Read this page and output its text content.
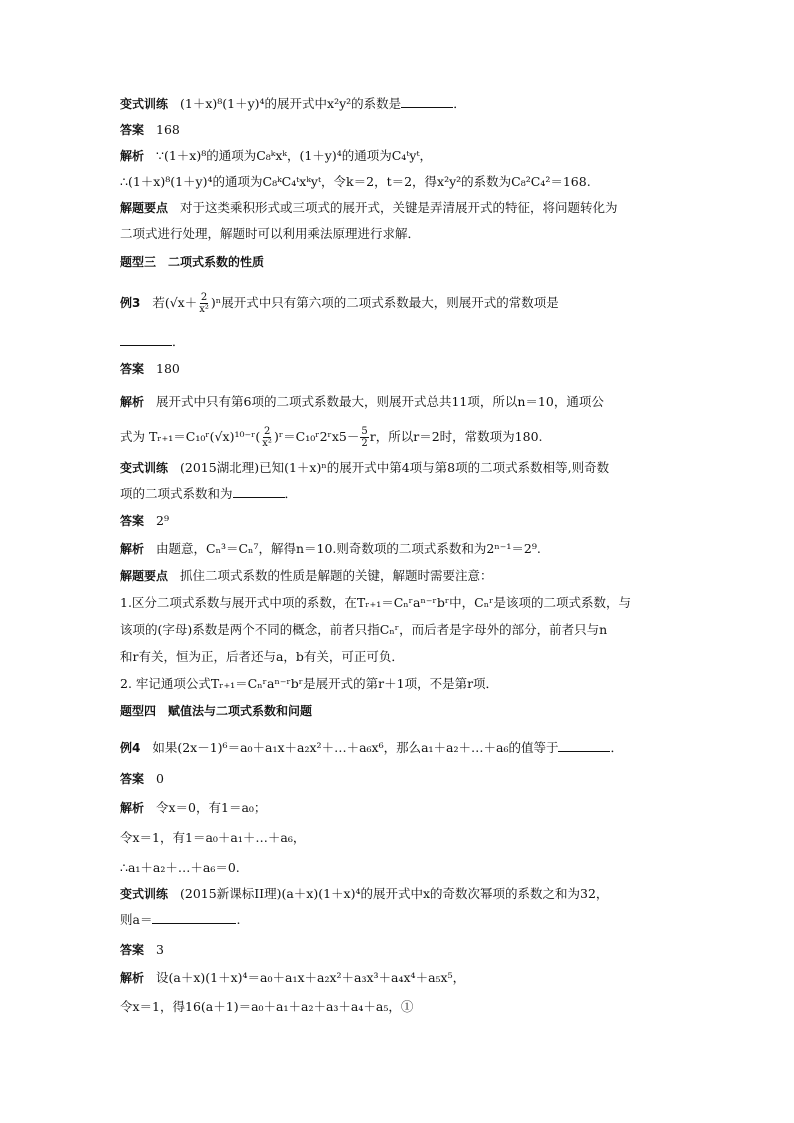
变式训练 (1＋x)⁸(1＋y)⁴的展开式中x²y²的系数是	．
答案 168
解析 ∵(1＋x)⁸的通项为C₈ᵏxᵏ，(1＋y)⁴的通项为C₄ᵗyᵗ，
∴(1＋x)⁸(1＋y)⁴的通项为C₈ᵏC₄ᵗxᵏyᵗ，令k＝2，t＝2，得x²y²的系数为C₈²C₄²＝168.
解题要点 对于这类乘积形式或三项式的展开式，关键是弄清展开式的特征，将问题转化为
二项式进行处理，解题时可以利用乘法原理进行求解．
题型三　二项式系数的性质
例3 若$(√x+ \frac{2}{\text{x²}} )^n$展开式中只有第六项的二项式系数最大，则展开式的常数项是
．
答案 180
解析 展开式中只有第6项的二项式系数最大，则展开式总共11项，所以n＝10，通项公
式为 Tᵣ₊₁＝C₁₀ʳ(√x)¹⁰⁻ʳ( $\frac{2}{\text{x²}}$ )ʳ＝C₁₀ʳ2ʳx5－ $\frac{5}{2}$ r，所以r＝2时，常数项为180.
变式训练 (2015湖北理)已知(1＋x)ⁿ的展开式中第4项与第8项的二项式系数相等,则奇数
项的二项式系数和为	．
答案 2⁹
解析 由题意，Cₙ³＝Cₙ⁷，解得n＝10.则奇数项的二项式系数和为2ⁿ⁻¹＝2⁹.
解题要点 抓住二项式系数的性质是解题的关键，解题时需要注意：
1.区分二项式系数与展开式中项的系数，在Tᵣ₊₁＝Cₙʳaⁿ⁻ʳbʳ中，Cₙʳ是该项的二项式系数，与
该项的(字母)系数是两个不同的概念，前者只指Cₙʳ，而后者是字母外的部分，前者只与n
和r有关，恒为正，后者还与a，b有关，可正可负．
2. 牢记通项公式Tᵣ₊₁＝Cₙʳaⁿ⁻ʳbʳ是展开式的第r＋1项，不是第r项．
题型四　赋值法与二项式系数和问题
例4 如果(2x－1)⁶＝a₀＋a₁x＋a₂x²＋…＋a₆x⁶，那么a₁＋a₂＋…＋a₆的值等于	．
答案 0
解析 令x＝0，有1＝a₀；
令x＝1，有1＝a₀＋a₁＋…＋a₆，
∴a₁＋a₂＋…＋a₆＝0.
变式训练 (2015新课标II理)(a＋x)(1＋x)⁴的展开式中x的奇数次幂项的系数之和为32，
则a＝	.
答案 3
解析 设(a＋x)(1＋x)⁴＝a₀＋a₁x＋a₂x²＋a₃x³＋a₄x⁴＋a₅x⁵，
令x＝1，得16(a＋1)＝a₀＋a₁＋a₂＋a₃＋a₄＋a₅，①
